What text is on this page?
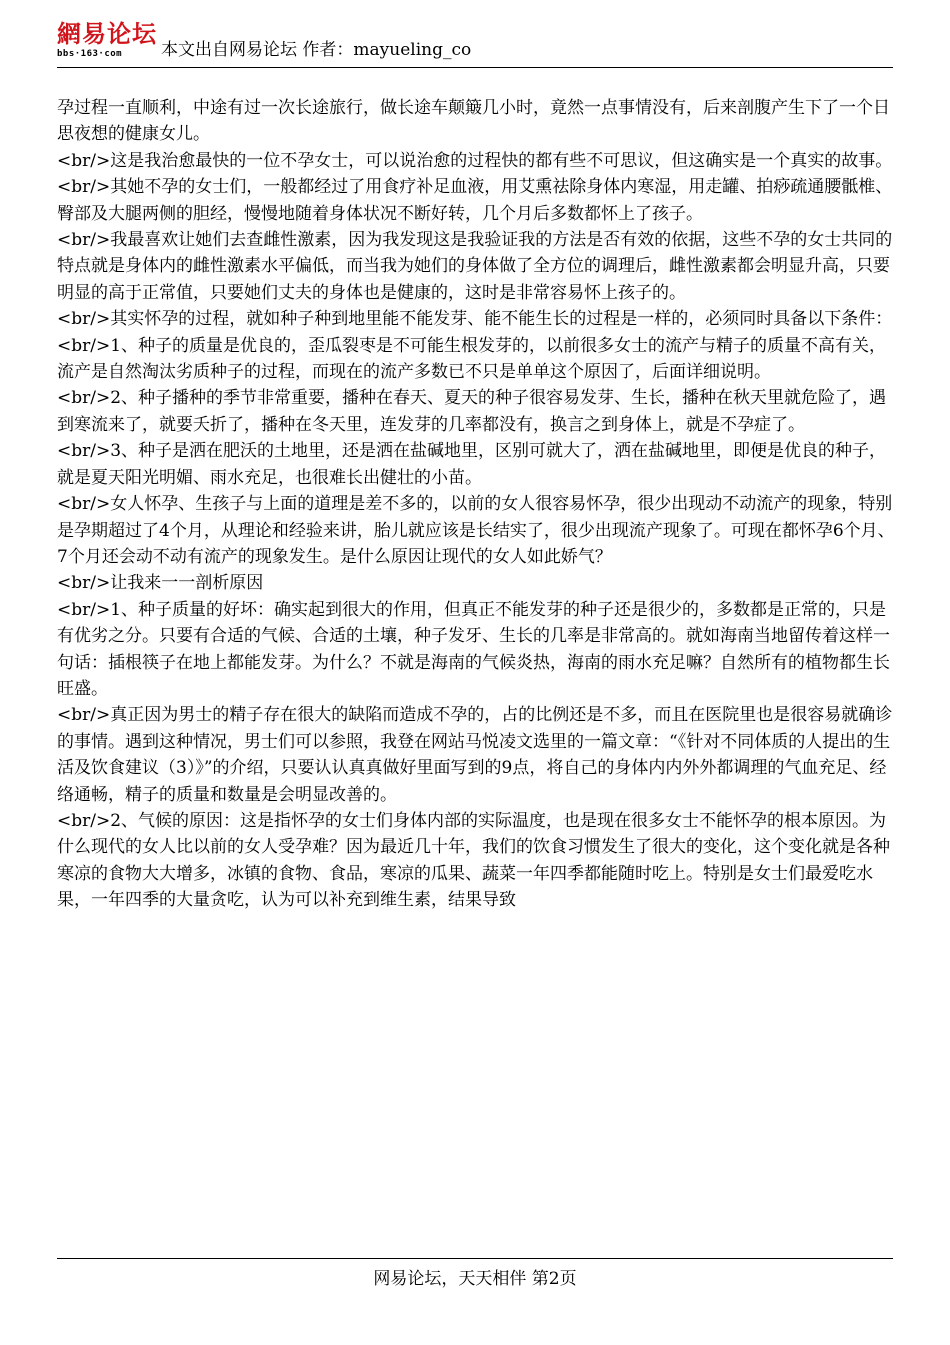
網易论坛
bbs·163·com 本文出自网易论坛 作者：mayueling_co

孕过程一直顺利，中途有过一次长途旅行，做长途车颠簸几小时，竟然一点事情没有，后来剖腹产生下了一个日思夜想的健康女儿。

<br/>这是我治愈最快的一位不孕女士，可以说治愈的过程快的都有些不可思议，但这确实是一个真实的故事。

<br/>其她不孕的女士们，一般都经过了用食疗补足血液，用艾熏祛除身体内寒湿，用走罐、拍痧疏通腰骶椎、臀部及大腿两侧的胆经，慢慢地随着身体状况不断好转，几个月后多数都怀上了孩子。

<br/>我最喜欢让她们去查雌性激素，因为我发现这是我验证我的方法是否有效的依据，这些不孕的女士共同的特点就是身体内的雌性激素水平偏低，而当我为她们的身体做了全方位的调理后，雌性激素都会明显升高，只要明显的高于正常值，只要她们丈夫的身体也是健康的，这时是非常容易怀上孩子的。

<br/>其实怀孕的过程，就如种子种到地里能不能发芽、能不能生长的过程是一样的，必须同时具备以下条件：

<br/>1、种子的质量是优良的，歪瓜裂枣是不可能生根发芽的，以前很多女士的流产与精子的质量不高有关，流产是自然淘汰劣质种子的过程，而现在的流产多数已不只是单单这个原因了，后面详细说明。

<br/>2、种子播种的季节非常重要，播种在春天、夏天的种子很容易发芽、生长，播种在秋天里就危险了，遇到寒流来了，就要夭折了，播种在冬天里，连发芽的几率都没有，换言之到身体上，就是不孕症了。

<br/>3、种子是洒在肥沃的土地里，还是洒在盐碱地里，区别可就大了，洒在盐碱地里，即便是优良的种子，就是夏天阳光明媚、雨水充足，也很难长出健壮的小苗。

<br/>女人怀孕、生孩子与上面的道理是差不多的，以前的女人很容易怀孕，很少出现动不动流产的现象，特别是孕期超过了4个月，从理论和经验来讲，胎儿就应该是长结实了，很少出现流产现象了。可现在都怀孕6个月、7个月还会动不动有流产的现象发生。是什么原因让现代的女人如此娇气？

<br/>让我来一一剖析原因

<br/>1、种子质量的好坏：确实起到很大的作用，但真正不能发芽的种子还是很少的，多数都是正常的，只是有优劣之分。只要有合适的气候、合适的土壤，种子发牙、生长的几率是非常高的。就如海南当地留传着这样一句话：插根筷子在地上都能发芽。为什么？不就是海南的气候炎热，海南的雨水充足嘛？自然所有的植物都生长旺盛。

<br/>真正因为男士的精子存在很大的缺陷而造成不孕的，占的比例还是不多，而且在医院里也是很容易就确诊的事情。遇到这种情况，男士们可以参照，我登在网站马悦凌文选里的一篇文章：“《针对不同体质的人提出的生活及饮食建议（3）》”的介绍，只要认认真真做好里面写到的9点，将自己的身体内内外外都调理的气血充足、经络通畅，精子的质量和数量是会明显改善的。

<br/>2、气候的原因：这是指怀孕的女士们身体内部的实际温度，也是现在很多女士不能怀孕的根本原因。为什么现代的女人比以前的女人受孕难？因为最近几十年，我们的饮食习惯发生了很大的变化，这个变化就是各种寒凉的食物大大增多，冰镇的食物、食品，寒凉的瓜果、蔬菜一年四季都能随时吃上。特别是女士们最爱吃水果，一年四季的大量贪吃，认为可以补充到维生素，结果导致

网易论坛，天天相伴 第2页
